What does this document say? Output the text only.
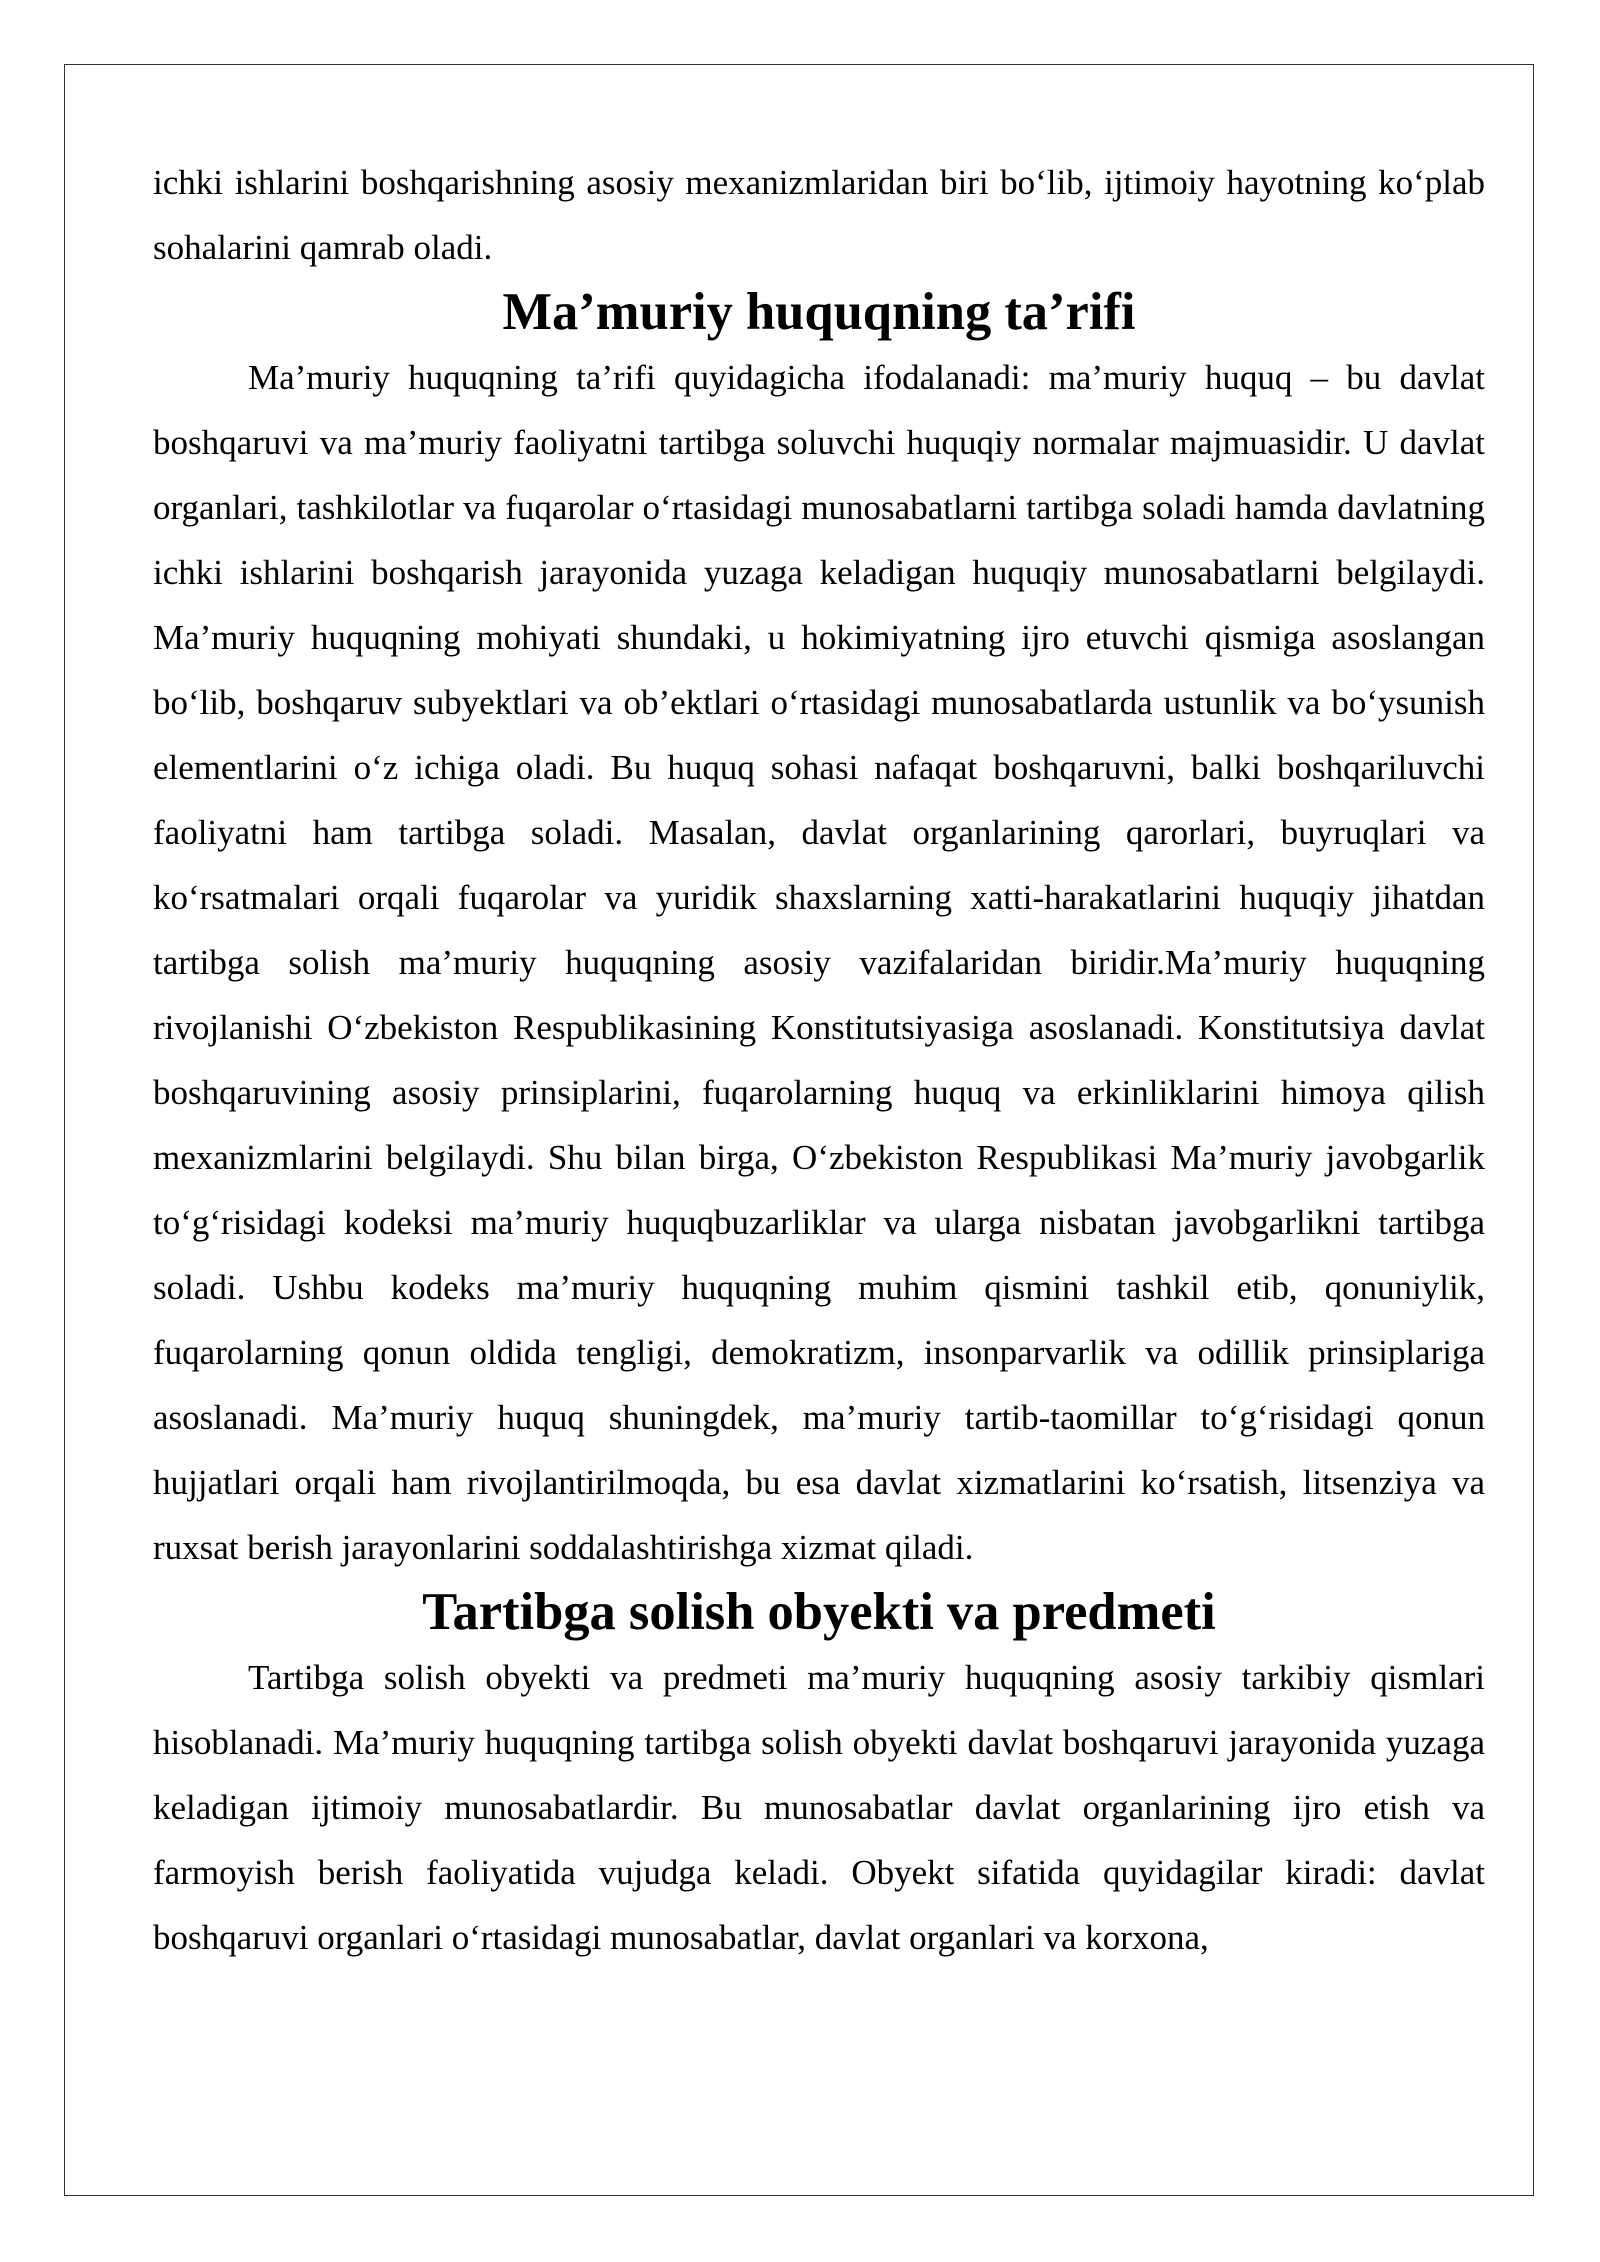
ichki ishlarini boshqarishning asosiy mexanizmlaridan biri bo‘lib, ijtimoiy hayotning ko‘plab sohalarini qamrab oladi.

Ma’muriy huquqning ta’rifi

Ma’muriy huquqning ta’rifi quyidagicha ifodalanadi: ma’muriy huquq – bu davlat boshqaruvi va ma’muriy faoliyatni tartibga soluvchi huquqiy normalar majmuasidir. U davlat organlari, tashkilotlar va fuqarolar o‘rtasidagi munosabatlarni tartibga soladi hamda davlatning ichki ishlarini boshqarish jarayonida yuzaga keladigan huquqiy munosabatlarni belgilaydi. Ma’muriy huquqning mohiyati shundaki, u hokimiyatning ijro etuvchi qismiga asoslangan bo‘lib, boshqaruv subyektlari va ob’ektlari o‘rtasidagi munosabatlarda ustunlik va bo‘ysunish elementlarini o‘z ichiga oladi. Bu huquq sohasi nafaqat boshqaruvni, balki boshqariluvchi faoliyatni ham tartibga soladi. Masalan, davlat organlarining qarorlari, buyruqlari va ko‘rsatmalari orqali fuqarolar va yuridik shaxslarning xatti-harakatlarini huquqiy jihatdan tartibga solish ma’muriy huquqning asosiy vazifalaridan biridir.Ma’muriy huquqning rivojlanishi O‘zbekiston Respublikasining Konstitutsiyasiga asoslanadi. Konstitutsiya davlat boshqaruvining asosiy prinsiplarini, fuqarolarning huquq va erkinliklarini himoya qilish mexanizmlarini belgilaydi. Shu bilan birga, O‘zbekiston Respublikasi Ma’muriy javobgarlik to‘g‘risidagi kodeksi ma’muriy huquqbuzarliklar va ularga nisbatan javobgarlikni tartibga soladi. Ushbu kodeks ma’muriy huquqning muhim qismini tashkil etib, qonuniylik, fuqarolarning qonun oldida tengligi, demokratizm, insonparvarlik va odillik prinsiplariga asoslanadi. Ma’muriy huquq shuningdek, ma’muriy tartib-taomillar to‘g‘risidagi qonun hujjatlari orqali ham rivojlantirilmoqda, bu esa davlat xizmatlarini ko‘rsatish, litsenziya va ruxsat berish jarayonlarini soddalashtirishga xizmat qiladi.

Tartibga solish obyekti va predmeti

Tartibga solish obyekti va predmeti ma’muriy huquqning asosiy tarkibiy qismlari hisoblanadi. Ma’muriy huquqning tartibga solish obyekti davlat boshqaruvi jarayonida yuzaga keladigan ijtimoiy munosabatlardir. Bu munosabatlar davlat organlarining ijro etish va farmoyish berish faoliyatida vujudga keladi. Obyekt sifatida quyidagilar kiradi: davlat boshqaruvi organlari o‘rtasidagi munosabatlar, davlat organlari va korxona,
